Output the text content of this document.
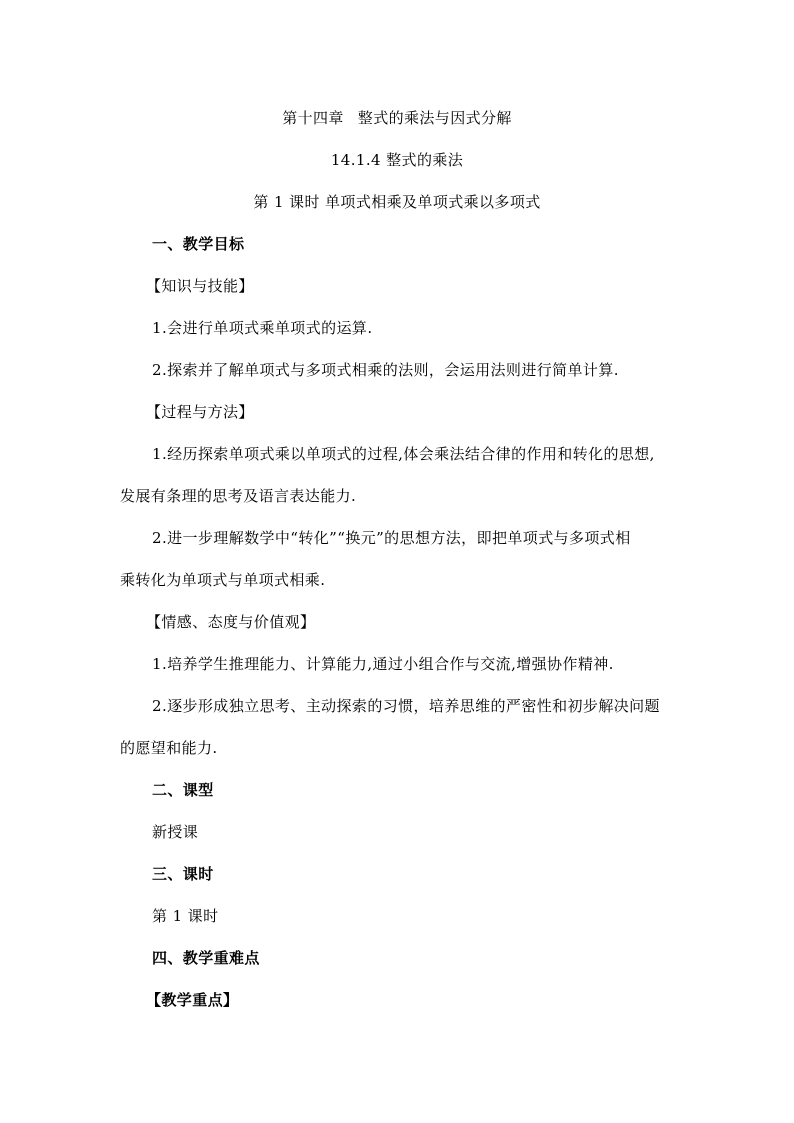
第十四章 整式的乘法与因式分解
14.1.4 整式的乘法
第 1 课时 单项式相乘及单项式乘以多项式
一、教学目标
【知识与技能】
1.会进行单项式乘单项式的运算.
2.探索并了解单项式与多项式相乘的法则，会运用法则进行简单计算.
【过程与方法】
1.经历探索单项式乘以单项式的过程,体会乘法结合律的作用和转化的思想,
发展有条理的思考及语言表达能力.
2.进一步理解数学中“转化”“换元”的思想方法，即把单项式与多项式相
乘转化为单项式与单项式相乘.
【情感、态度与价值观】
1.培养学生推理能力、计算能力,通过小组合作与交流,增强协作精神.
2.逐步形成独立思考、主动探索的习惯，培养思维的严密性和初步解决问题
的愿望和能力.
二、课型
新授课
三、课时
第 1 课时
四、教学重难点
【教学重点】
